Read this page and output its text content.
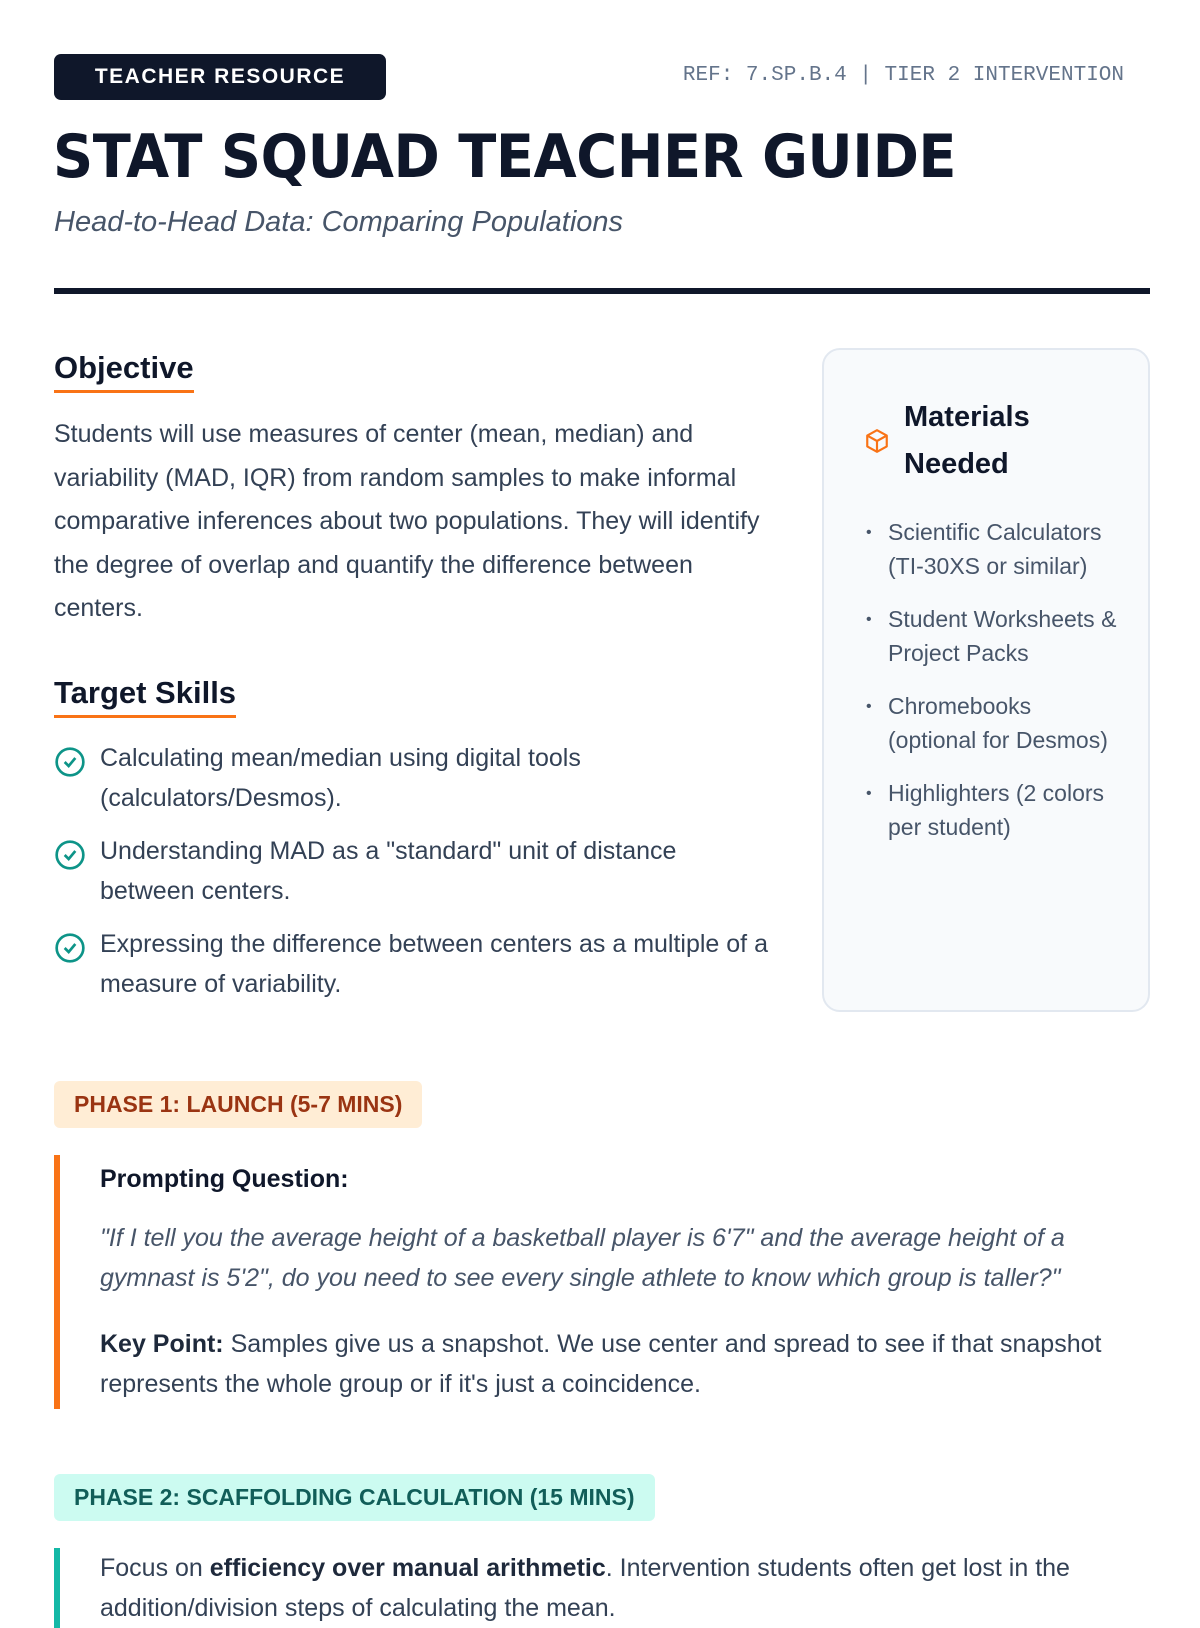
TEACHER RESOURCE	REF: 7.SP.B.4 | TIER 2 INTERVENTION
STAT SQUAD TEACHER GUIDE
Head-to-Head Data: Comparing Populations
Objective

Students will use measures of center (mean, median) and variability (MAD, IQR) from random samples to make informal comparative inferences about two populations. They will identify the degree of overlap and quantify the difference between centers.

Target Skills
Calculating mean/median using digital tools (calculators/Desmos).
Understanding MAD as a "standard" unit of distance between centers.
Expressing the difference between centers as a multiple of a measure of variability.
Materials Needed
• Scientific Calculators (TI-30XS or similar)
• Student Worksheets & Project Packs
• Chromebooks (optional for Desmos)
• Highlighters (2 colors per student)
PHASE 1: LAUNCH (5-7 MINS)
Prompting Question:
"If I tell you the average height of a basketball player is 6'7" and the average height of a gymnast is 5'2", do you need to see every single athlete to know which group is taller?"
Key Point: Samples give us a snapshot. We use center and spread to see if that snapshot represents the whole group or if it's just a coincidence.
PHASE 2: SCAFFOLDING CALCULATION (15 MINS)
Focus on efficiency over manual arithmetic. Intervention students often get lost in the addition/division steps of calculating the mean.
